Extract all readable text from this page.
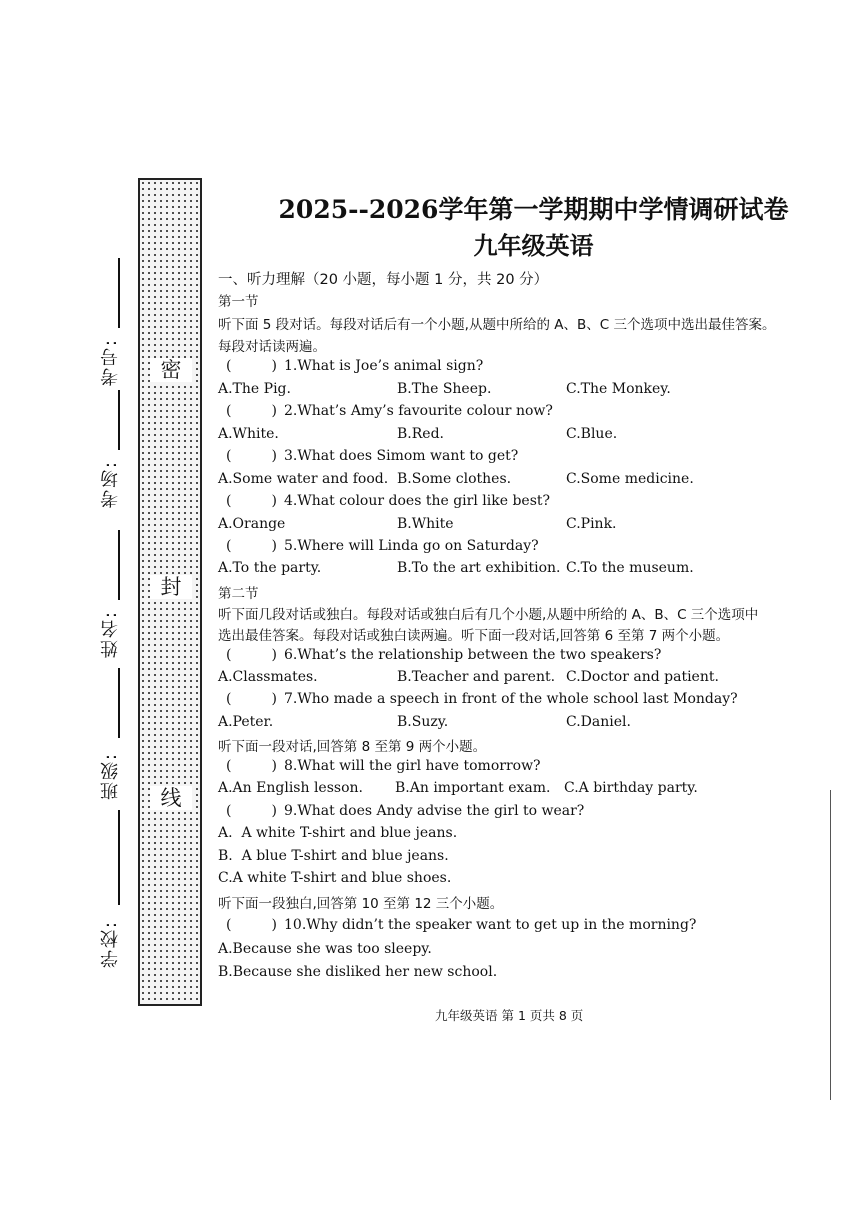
密
封
线
考号:
考场:
姓名:
班级:
学校:
2025--2026学年第一学期期中学情调研试卷
九年级英语
一、听力理解（20 小题，每小题 1 分，共 20 分）
第一节
听下面 5 段对话。每段对话后有一个小题,从题中所给的 A、B、C 三个选项中选出最佳答案。
每段对话读两遍。
(	) 1.What is Joe’s animal sign?
A.The Pig.	B.The Sheep.	C.The Monkey.
(	) 2.What’s Amy’s favourite colour now?
A.White.	B.Red.	C.Blue.
(	) 3.What does Simom want to get?
A.Some water and food. B.Some clothes.	C.Some medicine.
(	) 4.What colour does the girl like best?
A.Orange	B.White	C.Pink.
(	) 5.Where will Linda go on Saturday?
A.To the party.	B.To the art exhibition. C.To the museum.
第二节
听下面几段对话或独白。每段对话或独白后有几个小题,从题中所给的 A、B、C 三个选项中
选出最佳答案。每段对话或独白读两遍。听下面一段对话,回答第 6 至第 7 两个小题。
(	) 6.What’s the relationship between the two speakers?
A.Classmates.	B.Teacher and parent. C.Doctor and patient.
(	) 7.Who made a speech in front of the whole school last Monday?
A.Peter.	B.Suzy.	C.Daniel.
听下面一段对话,回答第 8 至第 9 两个小题。
(	) 8.What will the girl have tomorrow?
A.An English lesson. B.An important exam. C.A birthday party.
(	) 9.What does Andy advise the girl to wear?
A.  A white T-shirt and blue jeans.
B.  A blue T-shirt and blue jeans.
C.A white T-shirt and blue shoes.
听下面一段独白,回答第 10 至第 12 三个小题。
(	) 10.Why didn’t the speaker want to get up in the morning?
A.Because she was too sleepy.
B.Because she disliked her new school.
九年级英语 第 1 页共 8 页
